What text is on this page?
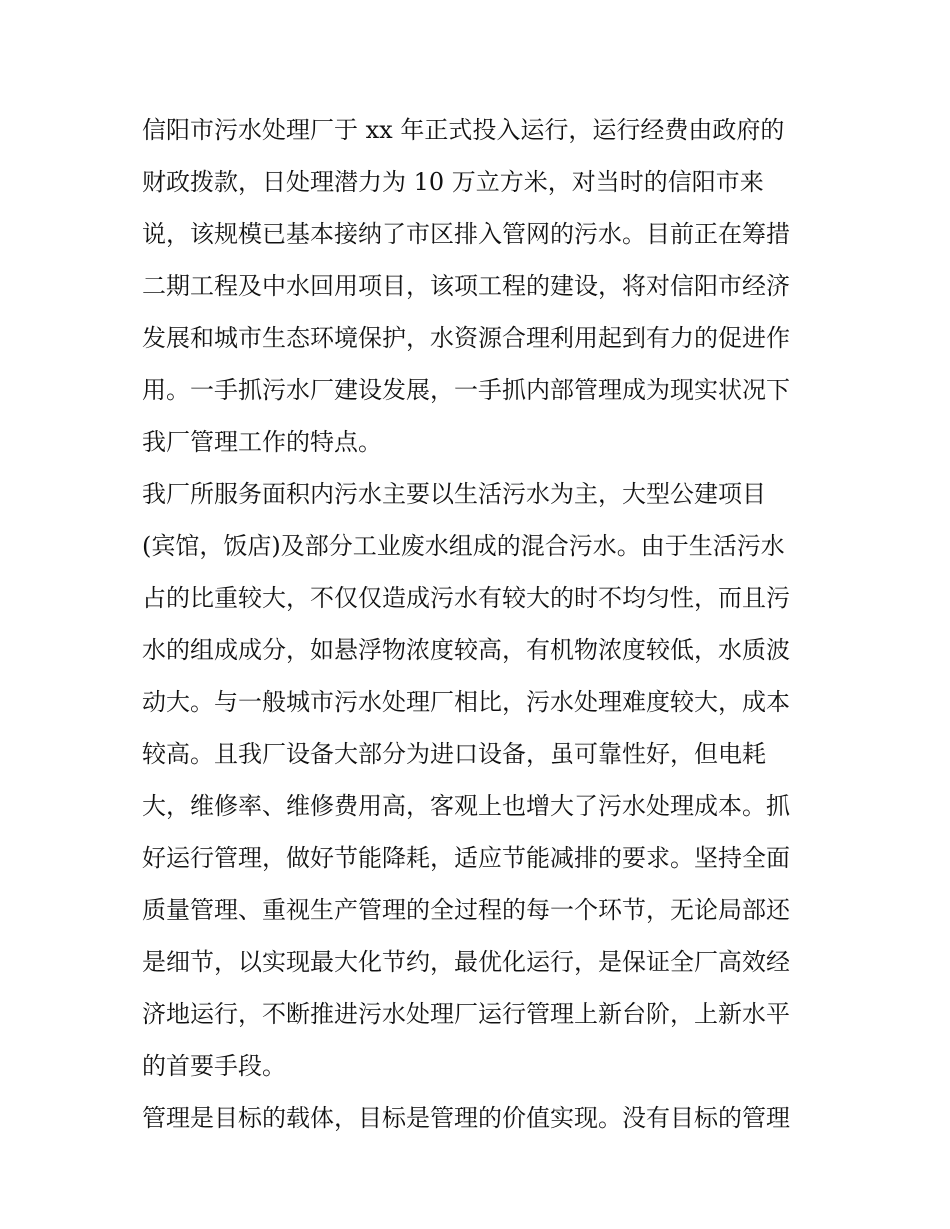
信阳市污水处理厂于 xx 年正式投入运行，运行经费由政府的
财政拨款，日处理潜力为 10 万立方米，对当时的信阳市来
说，该规模已基本接纳了市区排入管网的污水。目前正在筹措
二期工程及中水回用项目，该项工程的建设，将对信阳市经济
发展和城市生态环境保护，水资源合理利用起到有力的促进作
用。一手抓污水厂建设发展，一手抓内部管理成为现实状况下
我厂管理工作的特点。
我厂所服务面积内污水主要以生活污水为主，大型公建项目
(宾馆，饭店)及部分工业废水组成的混合污水。由于生活污水
占的比重较大，不仅仅造成污水有较大的时不均匀性，而且污
水的组成成分，如悬浮物浓度较高，有机物浓度较低，水质波
动大。与一般城市污水处理厂相比，污水处理难度较大，成本
较高。且我厂设备大部分为进口设备，虽可靠性好，但电耗
大，维修率、维修费用高，客观上也增大了污水处理成本。抓
好运行管理，做好节能降耗，适应节能减排的要求。坚持全面
质量管理、重视生产管理的全过程的每一个环节，无论局部还
是细节，以实现最大化节约，最优化运行，是保证全厂高效经
济地运行，不断推进污水处理厂运行管理上新台阶，上新水平
的首要手段。
管理是目标的载体，目标是管理的价值实现。没有目标的管理
